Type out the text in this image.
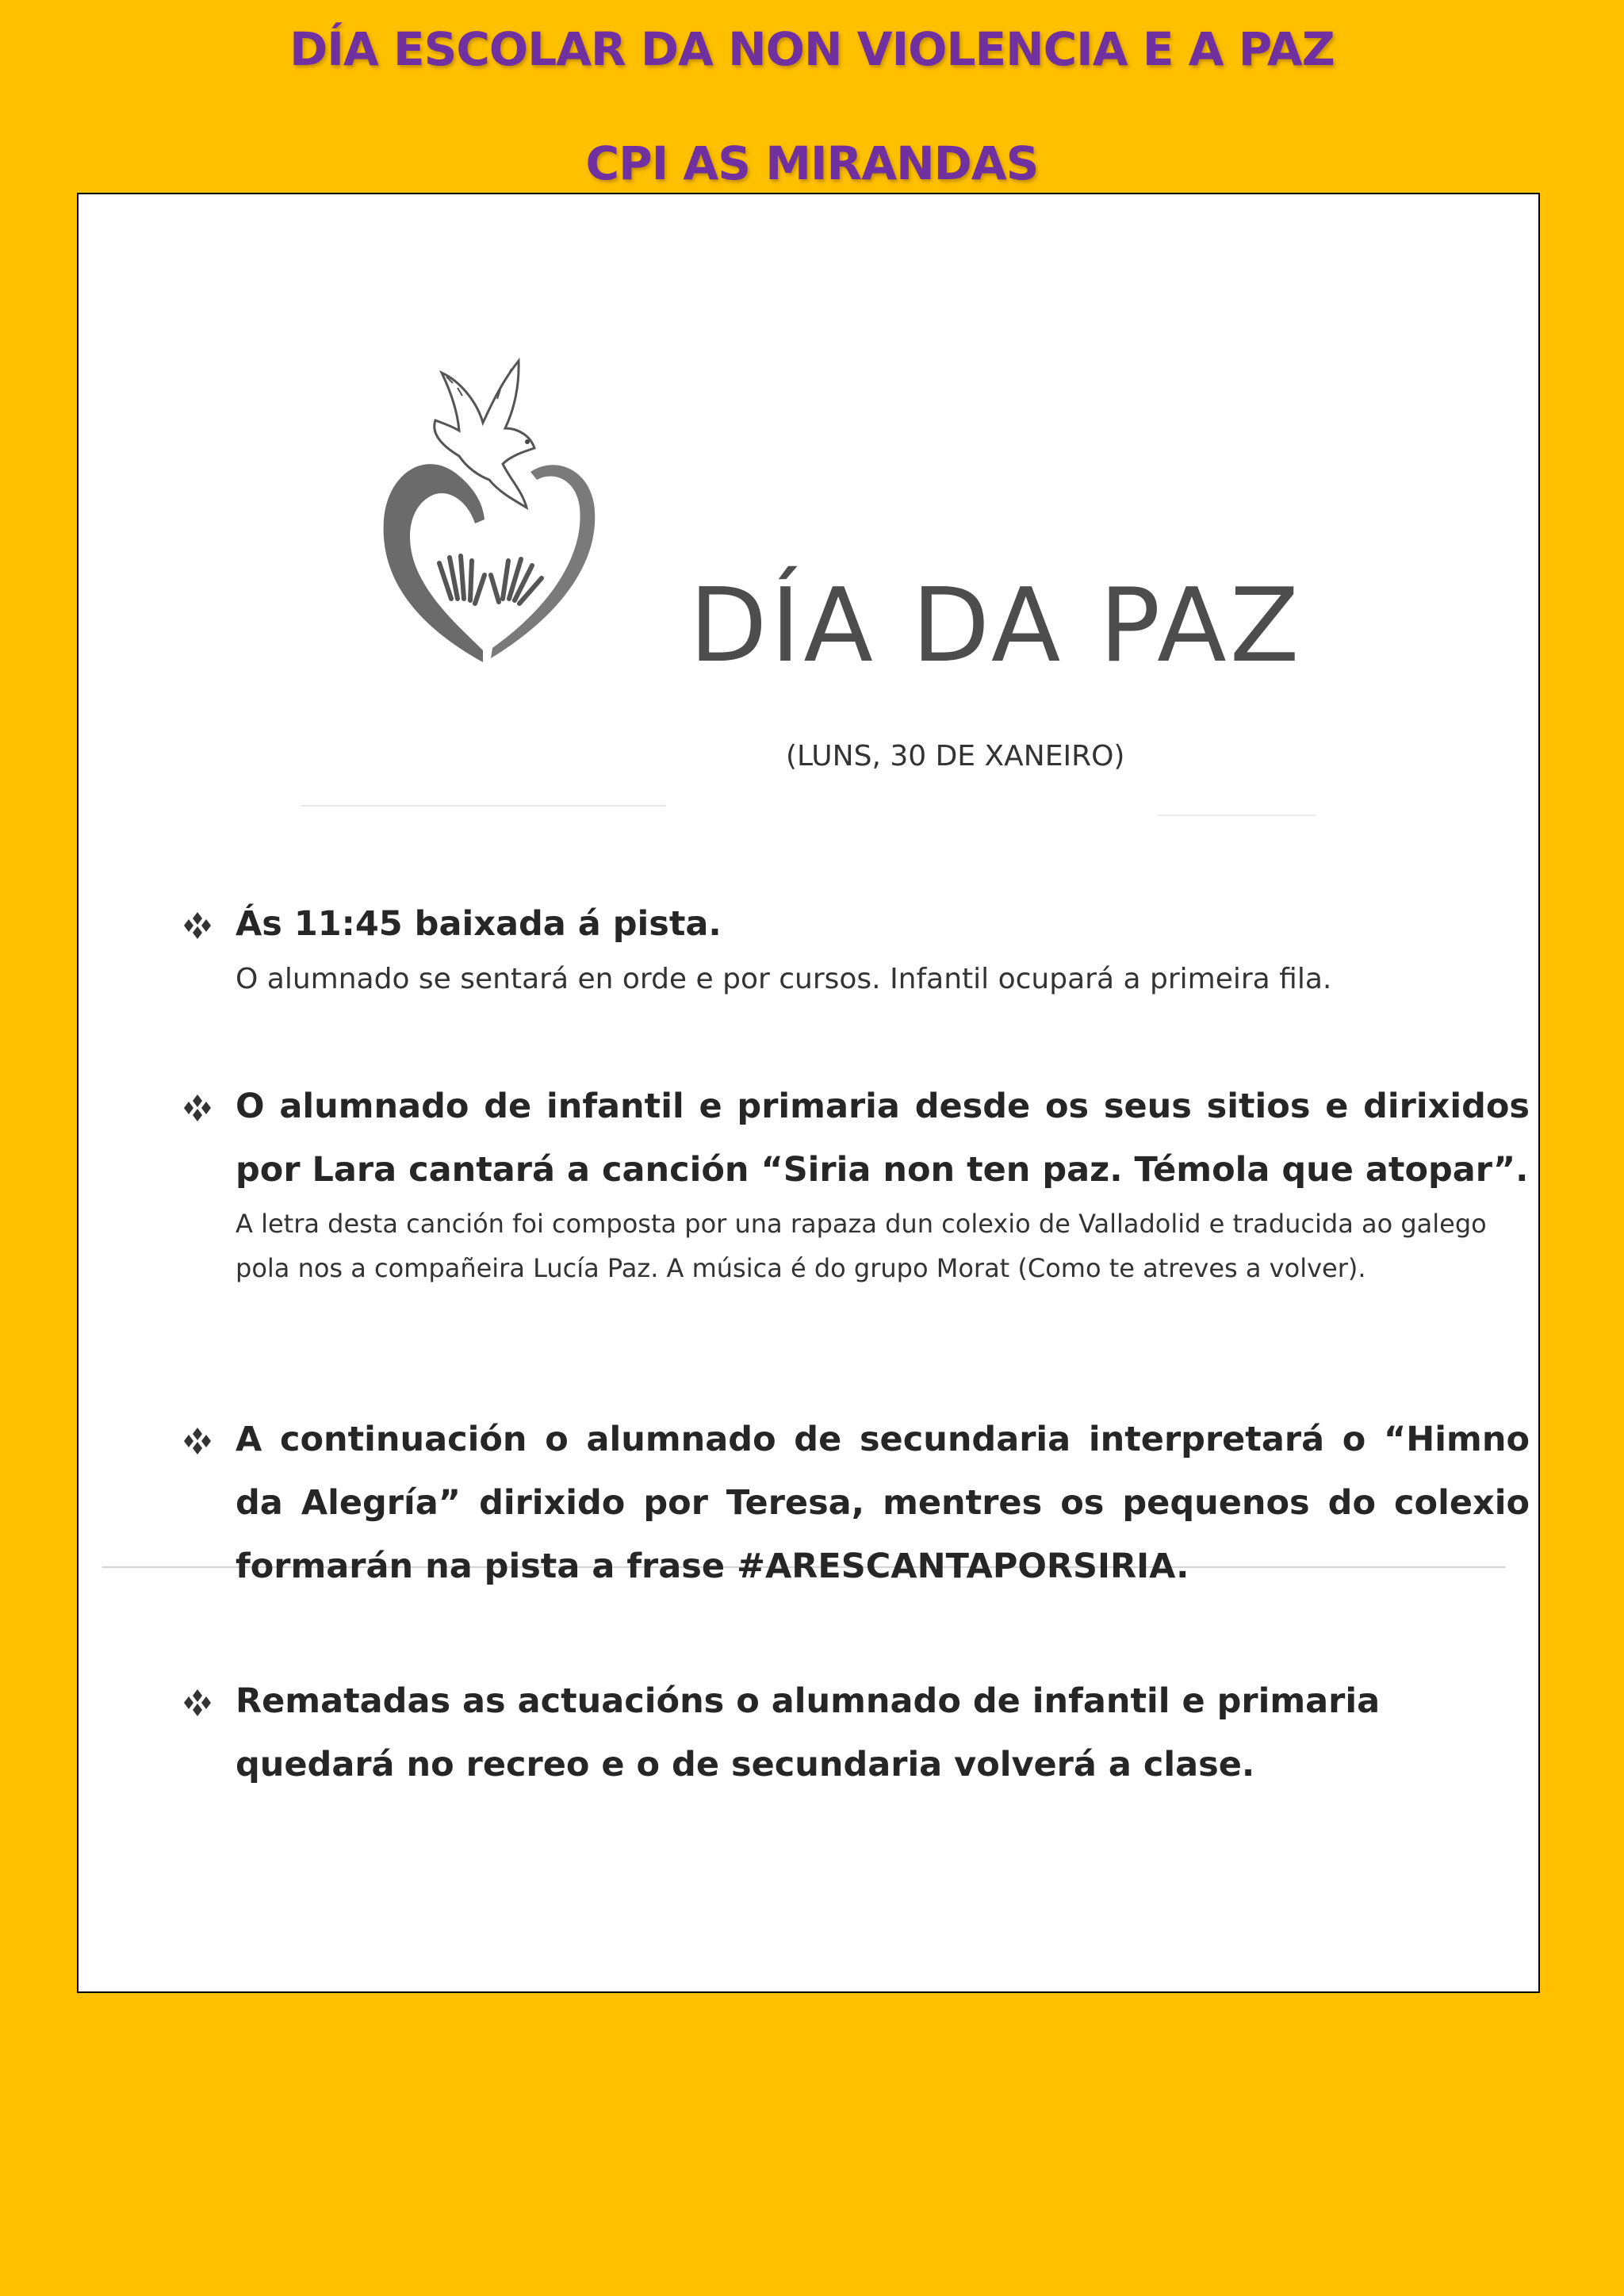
DÍA ESCOLAR DA NON VIOLENCIA E A PAZ
CPI AS MIRANDAS
DÍA DA PAZ
(LUNS, 30 DE XANEIRO)

Ás 11:45 baixada á pista.

O alumnado se sentará en orde e por cursos. Infantil ocupará a primeira fila.

O alumnado de infantil e primaria desde os seus sitios e dirixidos por Lara cantará a canción “Siria non ten paz. Témola que atopar”.

A letra desta canción foi composta por una rapaza dun colexio de Valladolid e traducida ao galego pola nos a compañeira Lucía Paz. A música é do grupo Morat (Como te atreves a volver).

A continuación o alumnado de secundaria interpretará o “Himno da Alegría” dirixido por Teresa, mentres os pequenos do colexio formarán na pista a frase #ARESCANTAPORSIRIA.

Rematadas as actuacións o alumnado de infantil e primaria quedará no recreo e o de secundaria volverá a clase.
